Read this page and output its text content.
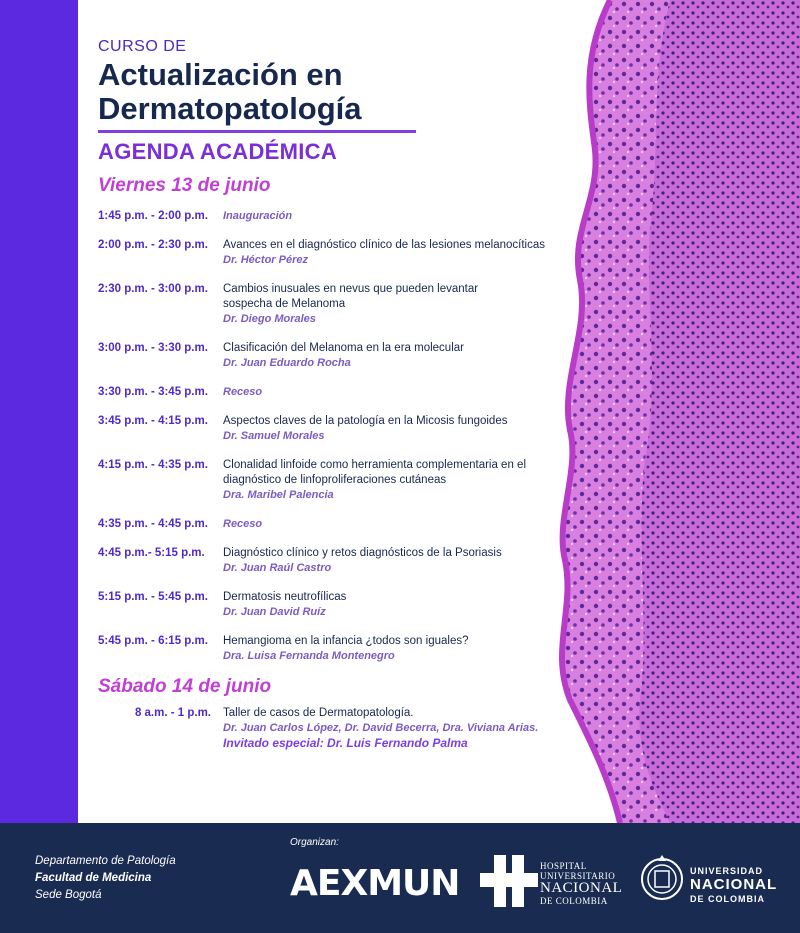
CURSO DE

Actualización en
Dermatopatología

AGENDA ACADÉMICA

Viernes 13 de junio

1:45 p.m. - 2:00 p.m.	Inauguración
2:00 p.m. - 2:30 p.m.	Avances en el diagnóstico clínico de las lesiones melanocíticas
Dr. Héctor Pérez
2:30 p.m. - 3:00 p.m.	Cambios inusuales en nevus que pueden levantar sospecha de Melanoma
Dr. Diego Morales
3:00 p.m. - 3:30 p.m.	Clasificación del Melanoma en la era molecular
Dr. Juan Eduardo Rocha
3:30 p.m. - 3:45 p.m.	Receso
3:45 p.m. - 4:15 p.m.	Aspectos claves de la patología en la Micosis fungoides
Dr. Samuel Morales
4:15 p.m. - 4:35 p.m.	Clonalidad linfoide como herramienta complementaria en el diagnóstico de linfoproliferaciones cutáneas
Dra. Maribel Palencia
4:35 p.m. - 4:45 p.m.	Receso
4:45 p.m.- 5:15 p.m.	Diagnóstico clínico y retos diagnósticos de la Psoriasis
Dr. Juan Raúl Castro
5:15 p.m. - 5:45 p.m.	Dermatosis neutrofílicas
Dr. Juan David Ruíz
5:45 p.m. - 6:15 p.m.	Hemangioma en la infancia ¿todos son iguales?
Dra. Luisa Fernanda Montenegro

Sábado 14 de junio

8 a.m. - 1 p.m.	Taller de casos de Dermatopatología.
Dr. Juan Carlos López, Dr. David Becerra, Dra. Viviana Arias.
Invitado especial: Dr. Luis Fernando Palma
Departamento de Patología
Facultad de Medicina
Sede Bogotá
Organizan:
AEXMUN	HOSPITAL
UNIVERSITARIO
NACIONAL
DE COLOMBIA
UNIVERSIDAD
NACIONAL
DE COLOMBIA
